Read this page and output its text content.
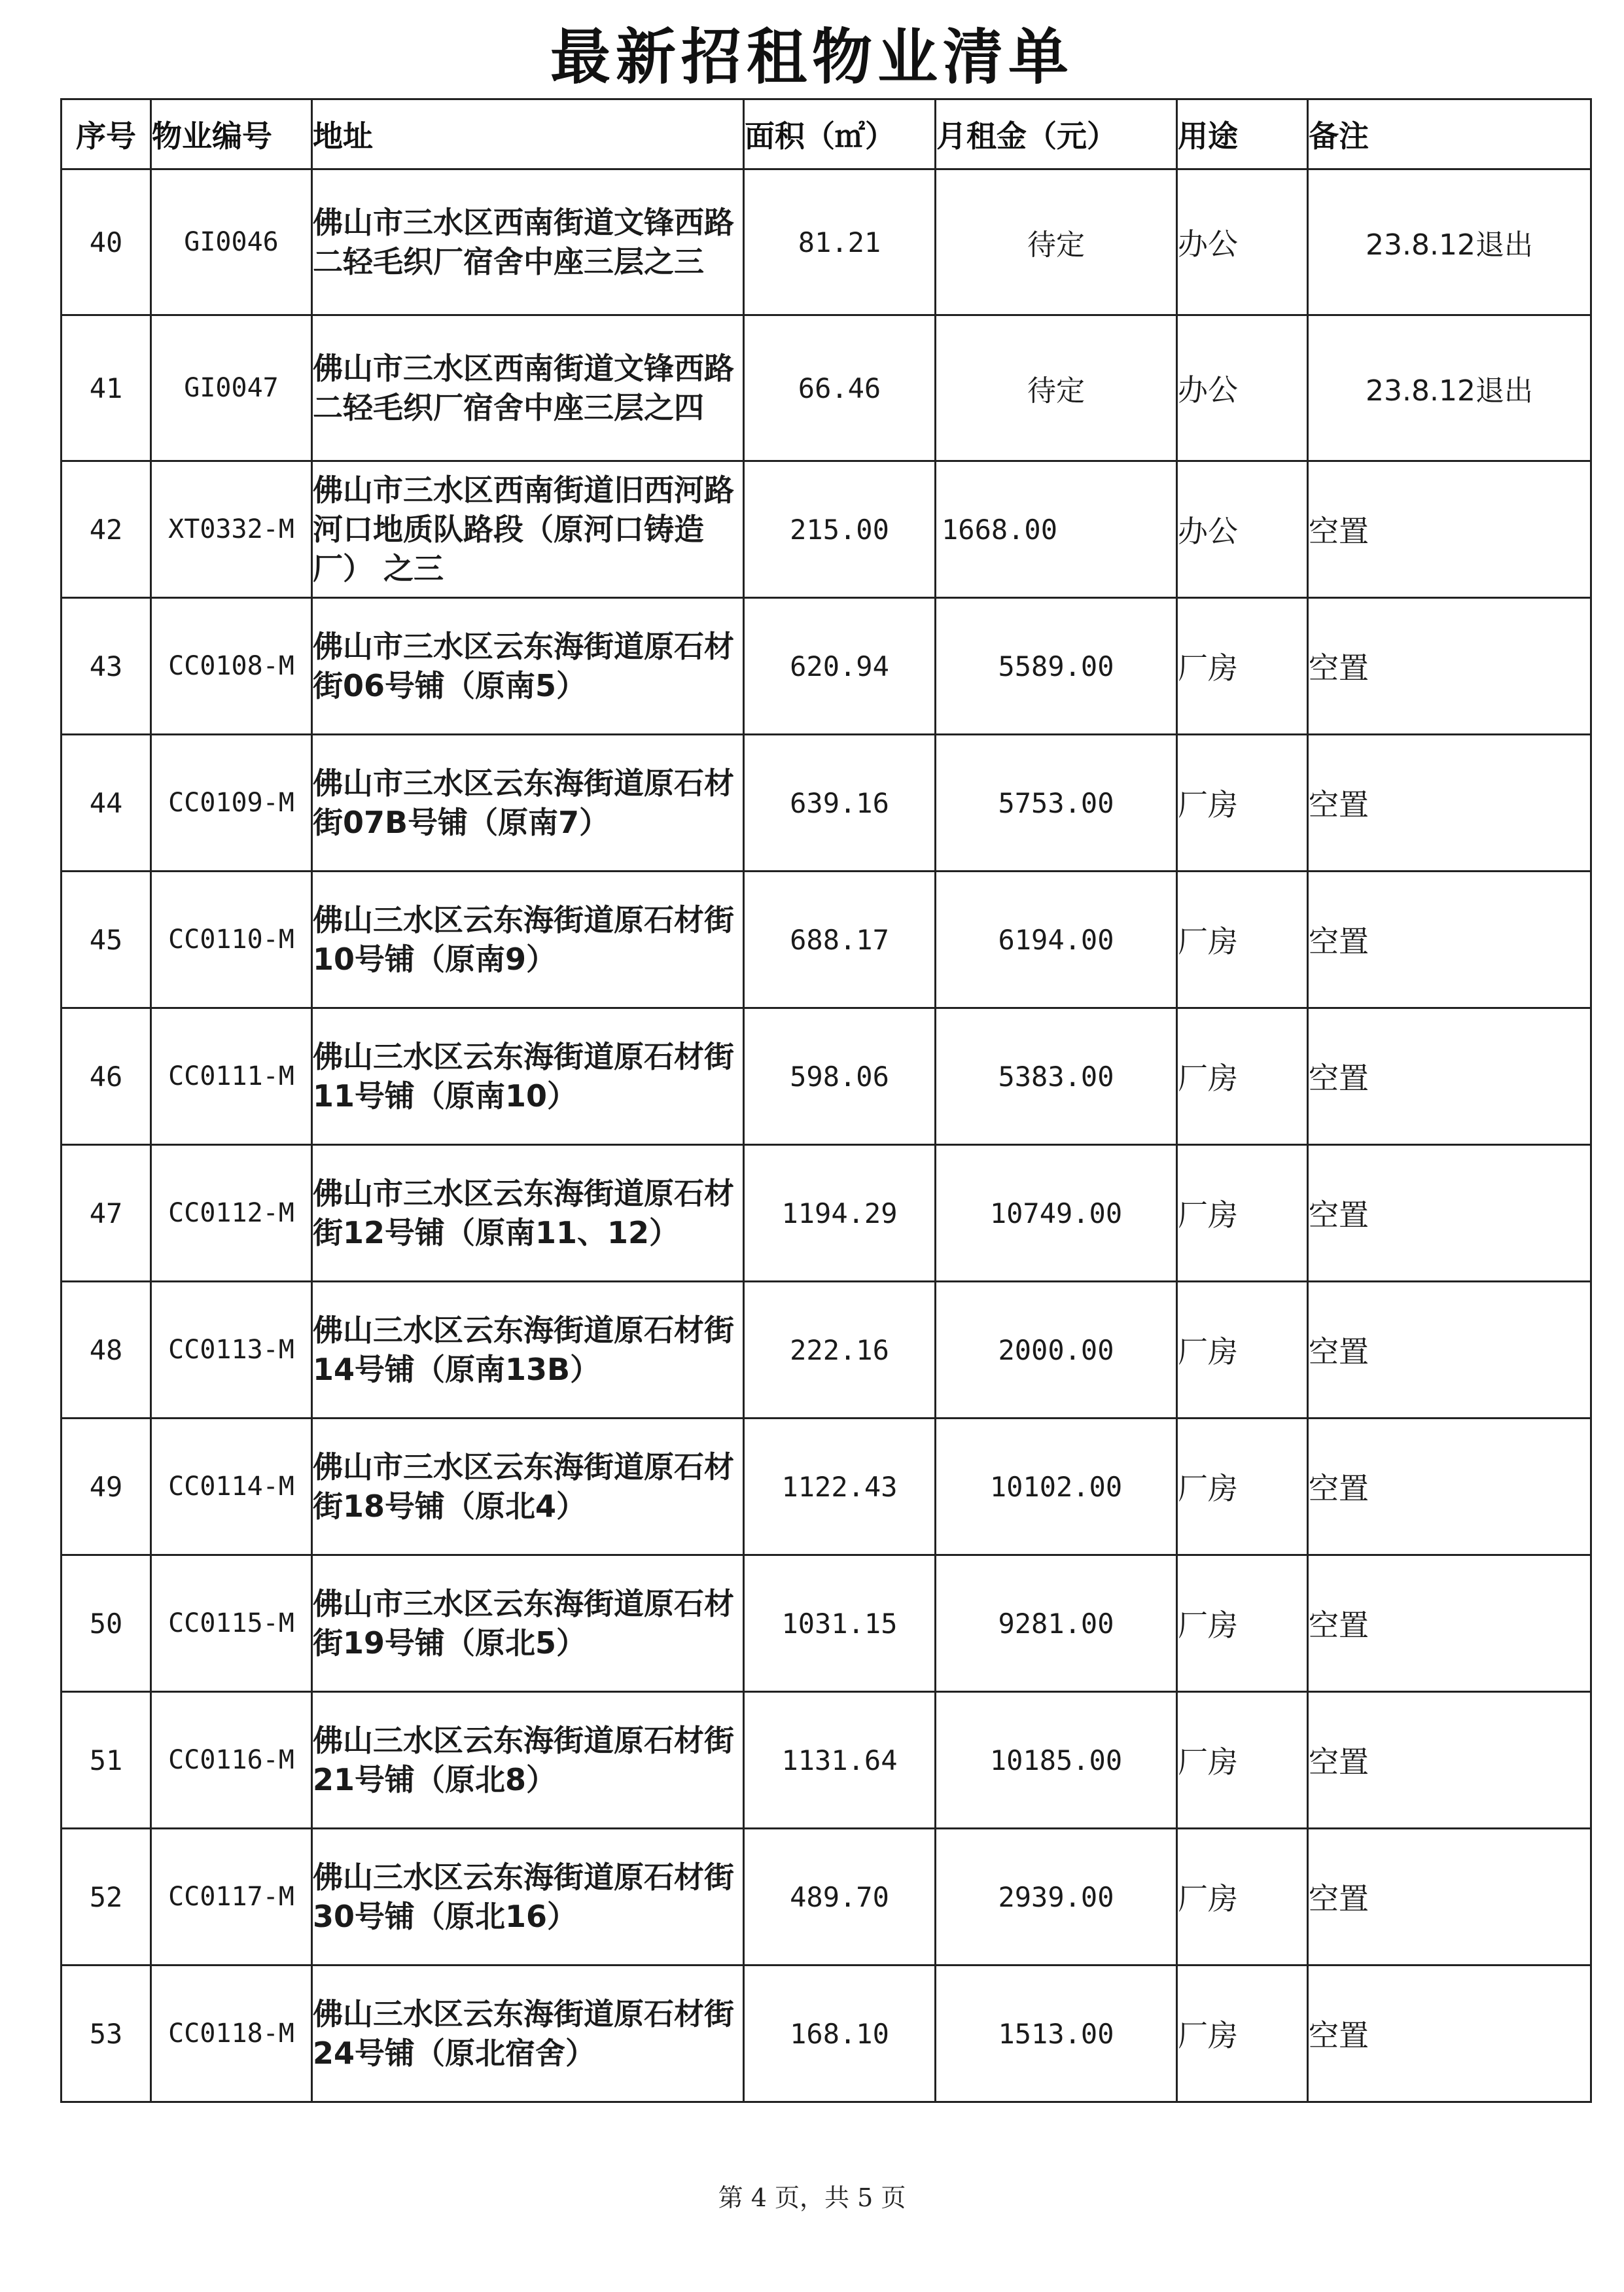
最新招租物业清单
序号	物业编号	地址	面积（㎡）	月租金（元）	用途	备注
40	GI0046	佛山市三水区西南街道文锋西路二轻毛织厂宿舍中座三层之三	81.21	待定	办公	23.8.12退出
41	GI0047	佛山市三水区西南街道文锋西路二轻毛织厂宿舍中座三层之四	66.46	待定	办公	23.8.12退出
42	XT0332-M	佛山市三水区西南街道旧西河路河口地质队路段（原河口铸造厂） 之三	215.00	1668.00	办公	空置
43	CC0108-M	佛山市三水区云东海街道原石材街06号铺（原南5）	620.94	5589.00	厂房	空置
44	CC0109-M	佛山市三水区云东海街道原石材街07B号铺（原南7）	639.16	5753.00	厂房	空置
45	CC0110-M	佛山三水区云东海街道原石材街10号铺（原南9）	688.17	6194.00	厂房	空置
46	CC0111-M	佛山三水区云东海街道原石材街11号铺（原南10）	598.06	5383.00	厂房	空置
47	CC0112-M	佛山市三水区云东海街道原石材街12号铺（原南11、12）	1194.29	10749.00	厂房	空置
48	CC0113-M	佛山三水区云东海街道原石材街14号铺（原南13B）	222.16	2000.00	厂房	空置
49	CC0114-M	佛山市三水区云东海街道原石材街18号铺（原北4）	1122.43	10102.00	厂房	空置
50	CC0115-M	佛山市三水区云东海街道原石材街19号铺（原北5）	1031.15	9281.00	厂房	空置
51	CC0116-M	佛山三水区云东海街道原石材街21号铺（原北8）	1131.64	10185.00	厂房	空置
52	CC0117-M	佛山三水区云东海街道原石材街30号铺（原北16）	489.70	2939.00	厂房	空置
53	CC0118-M	佛山三水区云东海街道原石材街24号铺（原北宿舍）	168.10	1513.00	厂房	空置
第 4 页，共 5 页
